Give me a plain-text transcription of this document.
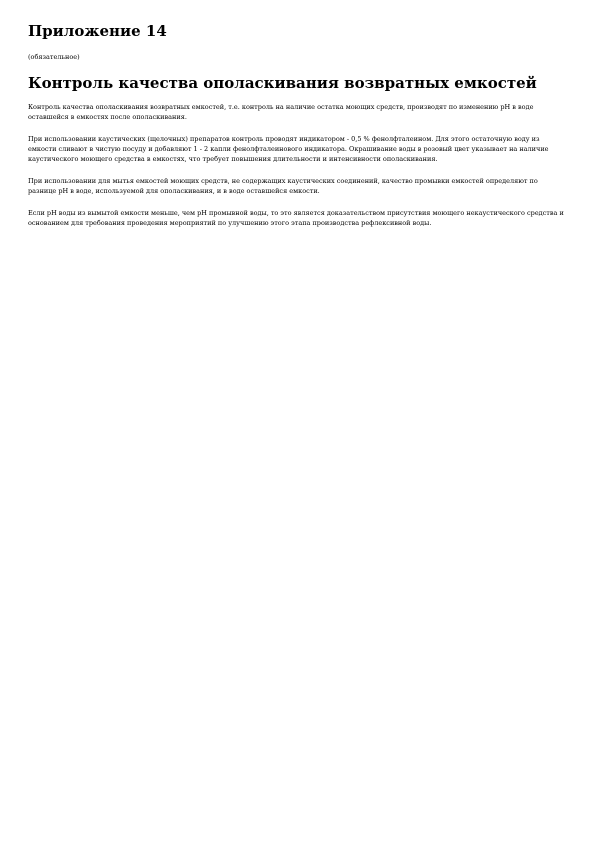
Приложение 14

(обязательное)

Контроль качества ополаскивания возвратных емкостей

Контроль качества ополаскивания возвратных емкостей, т.е. контроль на наличие остатка моющих средств, производят по изменению pH в воде оставшейся в емкостях после ополаскивания.

При использовании каустических (щелочных) препаратов контроль проводят индикатором - 0,5 % фенолфталеином. Для этого остаточную воду из емкости сливают в чистую посуду и добавляют 1 - 2 капли фенолфталеинового индикатора. Окрашивание воды в розовый цвет указывает на наличие каустического моющего средства в емкостях, что требует повышения длительности и интенсивности ополаскивания.

При использовании для мытья емкостей моющих средств, не содержащих каустических соединений, качество промывки емкостей определяют по разнице pH в воде, используемой для ополаскивания, и в воде оставшейся емкости.

Если pH воды из вымытой емкости меньше, чем pH промывной воды, то это является доказательством присутствия моющего некаустического средства и основанием для требования проведения мероприятий по улучшению этого этапа производства рефлексивной воды.
